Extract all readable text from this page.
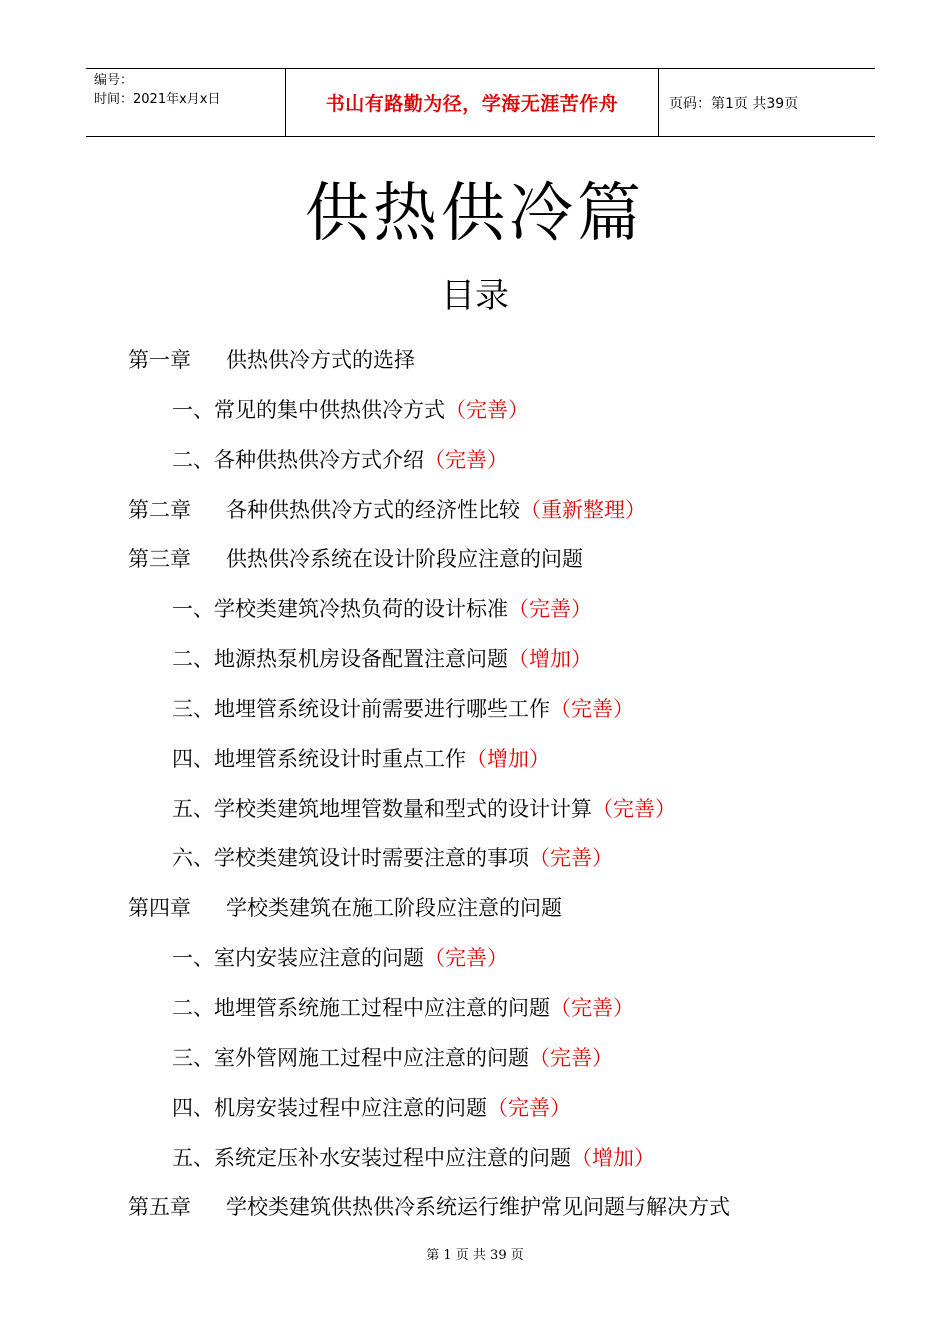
编号：
时间：2021年x月x日	书山有路勤为径，学海无涯苦作舟	页码：第1页 共39页
供热供冷篇
目录
第一章 供热供冷方式的选择
一、常见的集中供热供冷方式（完善）
二、各种供热供冷方式介绍（完善）
第二章 各种供热供冷方式的经济性比较（重新整理）
第三章 供热供冷系统在设计阶段应注意的问题
一、学校类建筑冷热负荷的设计标准（完善）
二、地源热泵机房设备配置注意问题（增加）
三、地埋管系统设计前需要进行哪些工作（完善）
四、地埋管系统设计时重点工作（增加）
五、学校类建筑地埋管数量和型式的设计计算（完善）
六、学校类建筑设计时需要注意的事项（完善）
第四章 学校类建筑在施工阶段应注意的问题
一、室内安装应注意的问题（完善）
二、地埋管系统施工过程中应注意的问题（完善）
三、室外管网施工过程中应注意的问题（完善）
四、机房安装过程中应注意的问题（完善）
五、系统定压补水安装过程中应注意的问题（增加）
第五章 学校类建筑供热供冷系统运行维护常见问题与解决方式
第 1 页 共 39 页
